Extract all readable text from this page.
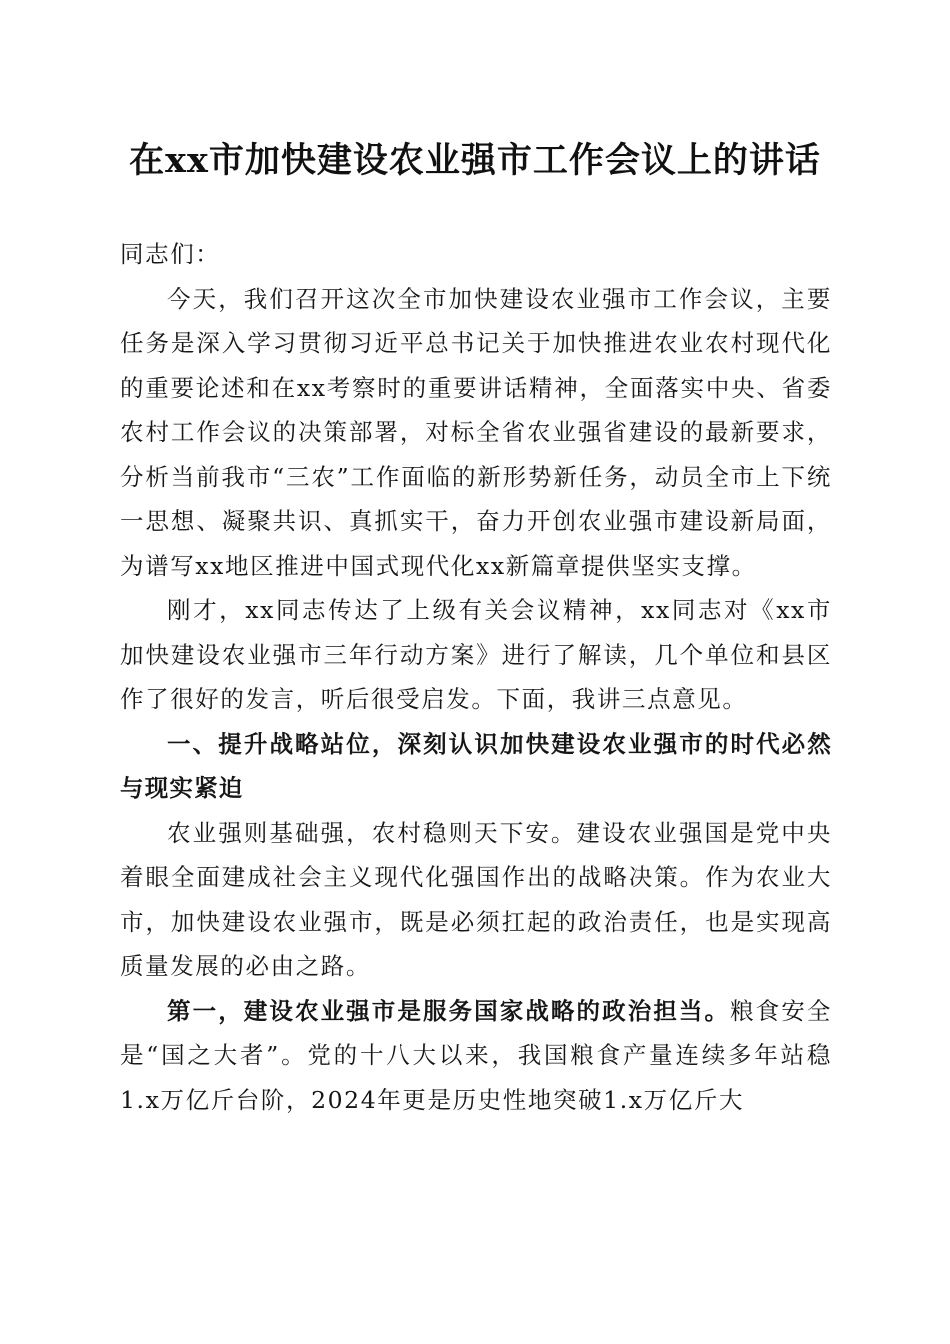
在xx市加快建设农业强市工作会议上的讲话

同志们：

今天，我们召开这次全市加快建设农业强市工作会议，主要任务是深入学习贯彻习近平总书记关于加快推进农业农村现代化的重要论述和在xx考察时的重要讲话精神，全面落实中央、省委农村工作会议的决策部署，对标全省农业强省建设的最新要求，分析当前我市“三农”工作面临的新形势新任务，动员全市上下统一思想、凝聚共识、真抓实干，奋力开创农业强市建设新局面，为谱写xx地区推进中国式现代化xx新篇章提供坚实支撑。

刚才，xx同志传达了上级有关会议精神，xx同志对《xx市加快建设农业强市三年行动方案》进行了解读，几个单位和县区作了很好的发言，听后很受启发。下面，我讲三点意见。

一、提升战略站位，深刻认识加快建设农业强市的时代必然与现实紧迫

农业强则基础强，农村稳则天下安。建设农业强国是党中央着眼全面建成社会主义现代化强国作出的战略决策。作为农业大市，加快建设农业强市，既是必须扛起的政治责任，也是实现高质量发展的必由之路。

第一，建设农业强市是服务国家战略的政治担当。粮食安全是“国之大者”。党的十八大以来，我国粮食产量连续多年站稳1.x万亿斤台阶，2024年更是历史性地突破1.x万亿斤大
